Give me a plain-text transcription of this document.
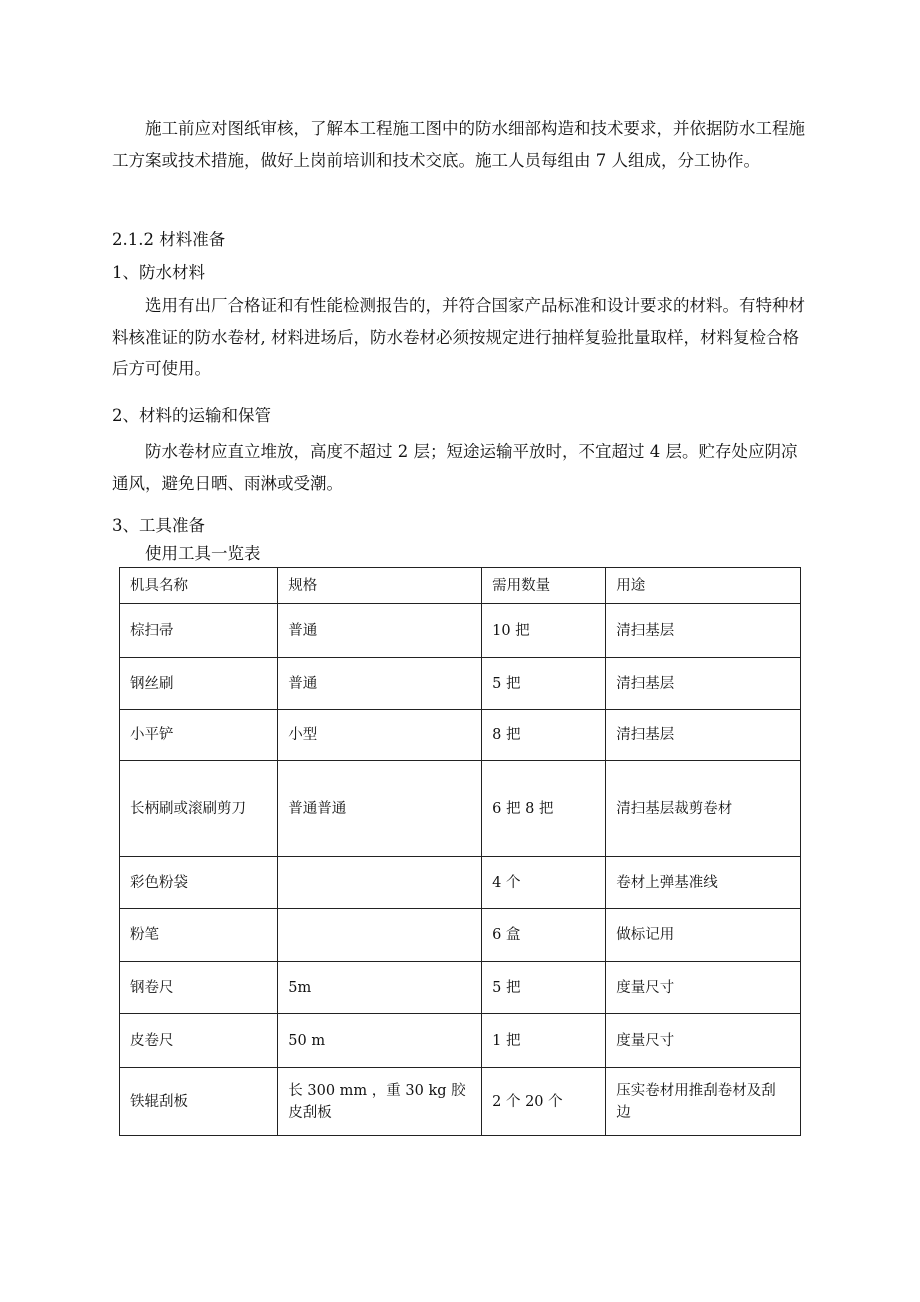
施工前应对图纸审核，了解本工程施工图中的防水细部构造和技术要求，并依据防水工程施工方案或技术措施，做好上岗前培训和技术交底。施工人员每组由 7 人组成，分工协作。

2.1.2 材料准备

1、防水材料

选用有出厂合格证和有性能检测报告的，并符合国家产品标准和设计要求的材料。有特种材料核准证的防水卷材, 材料进场后，防水卷材必须按规定进行抽样复验批量取样，材料复检合格后方可使用。

2、材料的运输和保管

防水卷材应直立堆放，高度不超过 2 层；短途运输平放时，不宜超过 4 层。贮存处应阴凉通风，避免日晒、雨淋或受潮。

3、工具准备

使用工具一览表

机具名称	规格	需用数量	用途
棕扫帚	普通	10 把	清扫基层
钢丝刷	普通	5 把	清扫基层
小平铲	小型	8 把	清扫基层
长柄刷或滚刷剪刀	普通普通	6 把 8 把	清扫基层裁剪卷材
彩色粉袋		4 个	卷材上弹基准线
粉笔		6 盒	做标记用
钢卷尺	5m	5 把	度量尺寸
皮卷尺	50 m	1 把	度量尺寸
铁辊刮板	长 300 mm ，重 30 kg 胶皮刮板	2 个 20 个	压实卷材用推刮卷材及刮边
